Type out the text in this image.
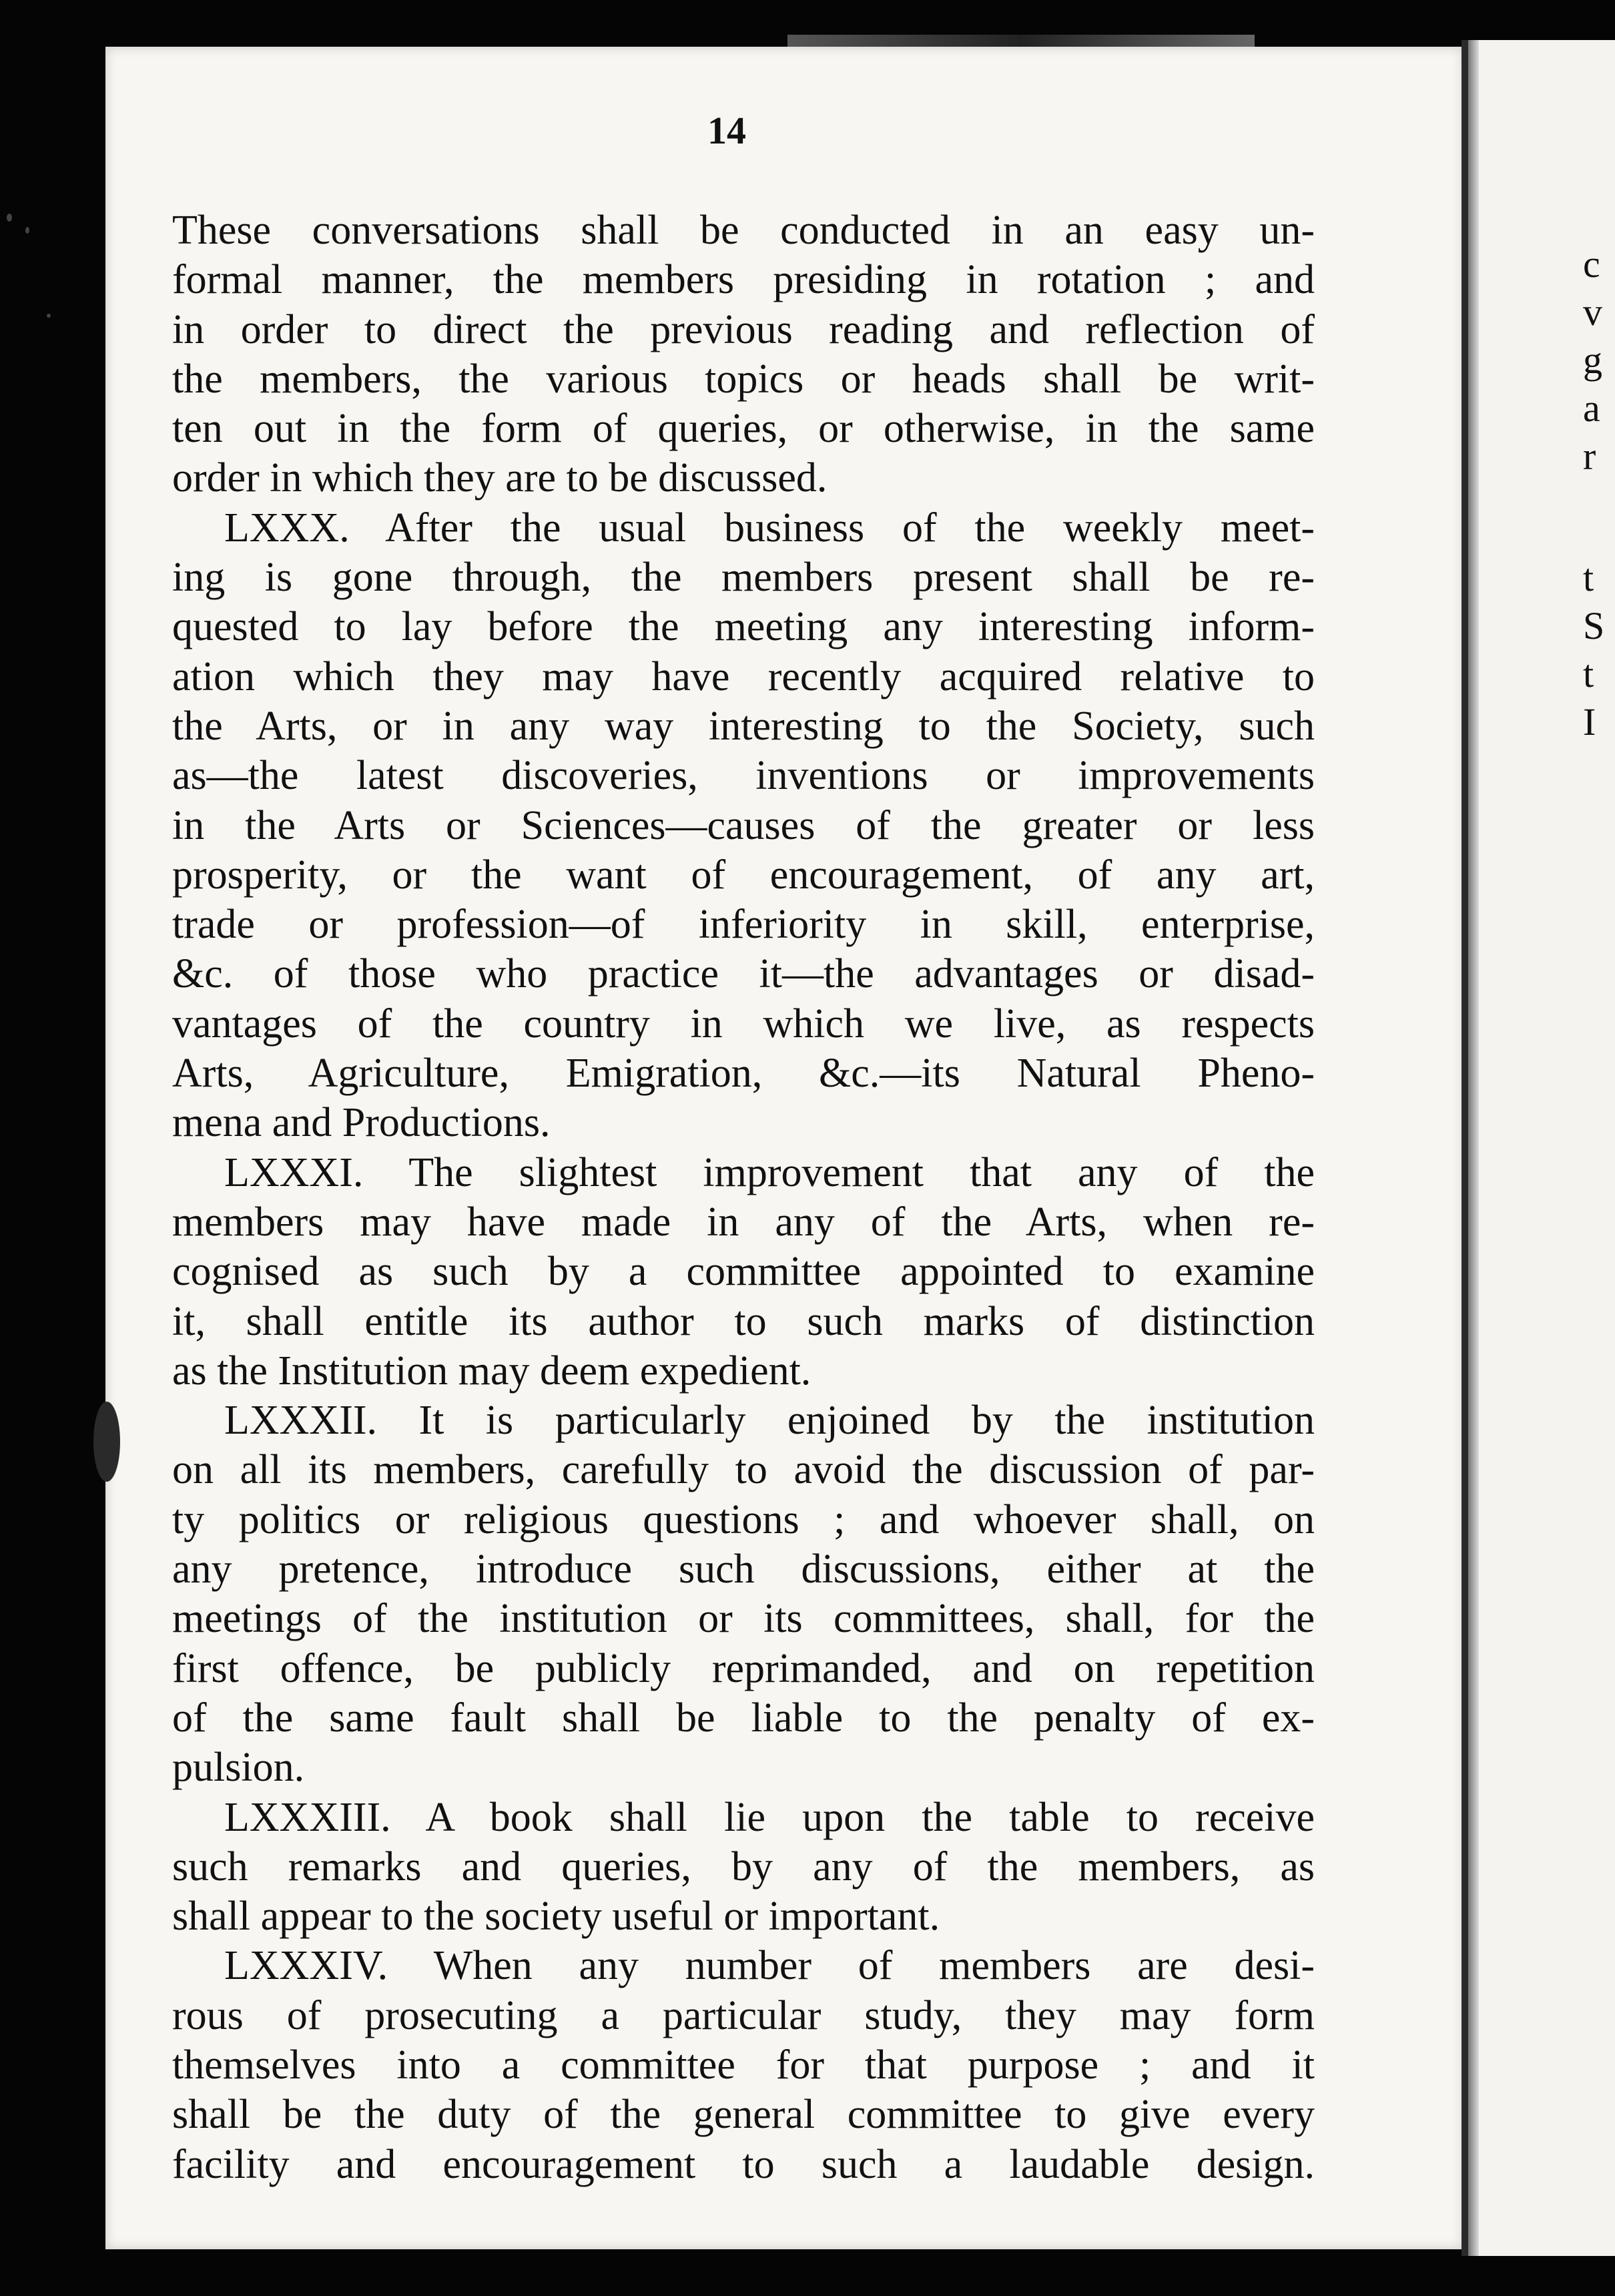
c
v
g
a
r
t
S
t
I
14
These conversations shall be conducted in an easy un-
formal manner, the members presiding in rotation ; and
in order to direct the previous reading and reflection of
the members, the various topics or heads shall be writ-
ten out in the form of queries, or otherwise, in the same
order in which they are to be discussed.
LXXX. After the usual business of the weekly meet-
ing is gone through, the members present shall be re-
quested to lay before the meeting any interesting inform-
ation which they may have recently acquired relative to
the Arts, or in any way interesting to the Society, such
as—the latest discoveries, inventions or improvements
in the Arts or Sciences—causes of the greater or less
prosperity, or the want of encouragement, of any art,
trade or profession—of inferiority in skill, enterprise,
&c. of those who practice it—the advantages or disad-
vantages of the country in which we live, as respects
Arts, Agriculture, Emigration, &c.—its Natural Pheno-
mena and Productions.
LXXXI. The slightest improvement that any of the
members may have made in any of the Arts, when re-
cognised as such by a committee appointed to examine
it, shall entitle its author to such marks of distinction
as the Institution may deem expedient.
LXXXII. It is particularly enjoined by the institution
on all its members, carefully to avoid the discussion of par-
ty politics or religious questions ; and whoever shall, on
any pretence, introduce such discussions, either at the
meetings of the institution or its committees, shall, for the
first offence, be publicly reprimanded, and on repetition
of the same fault shall be liable to the penalty of ex-
pulsion.
LXXXIII. A book shall lie upon the table to receive
such remarks and queries, by any of the members, as
shall appear to the society useful or important.
LXXXIV. When any number of members are desi-
rous of prosecuting a particular study, they may form
themselves into a committee for that purpose ; and it
shall be the duty of the general committee to give every
facility and encouragement to such a laudable design.
